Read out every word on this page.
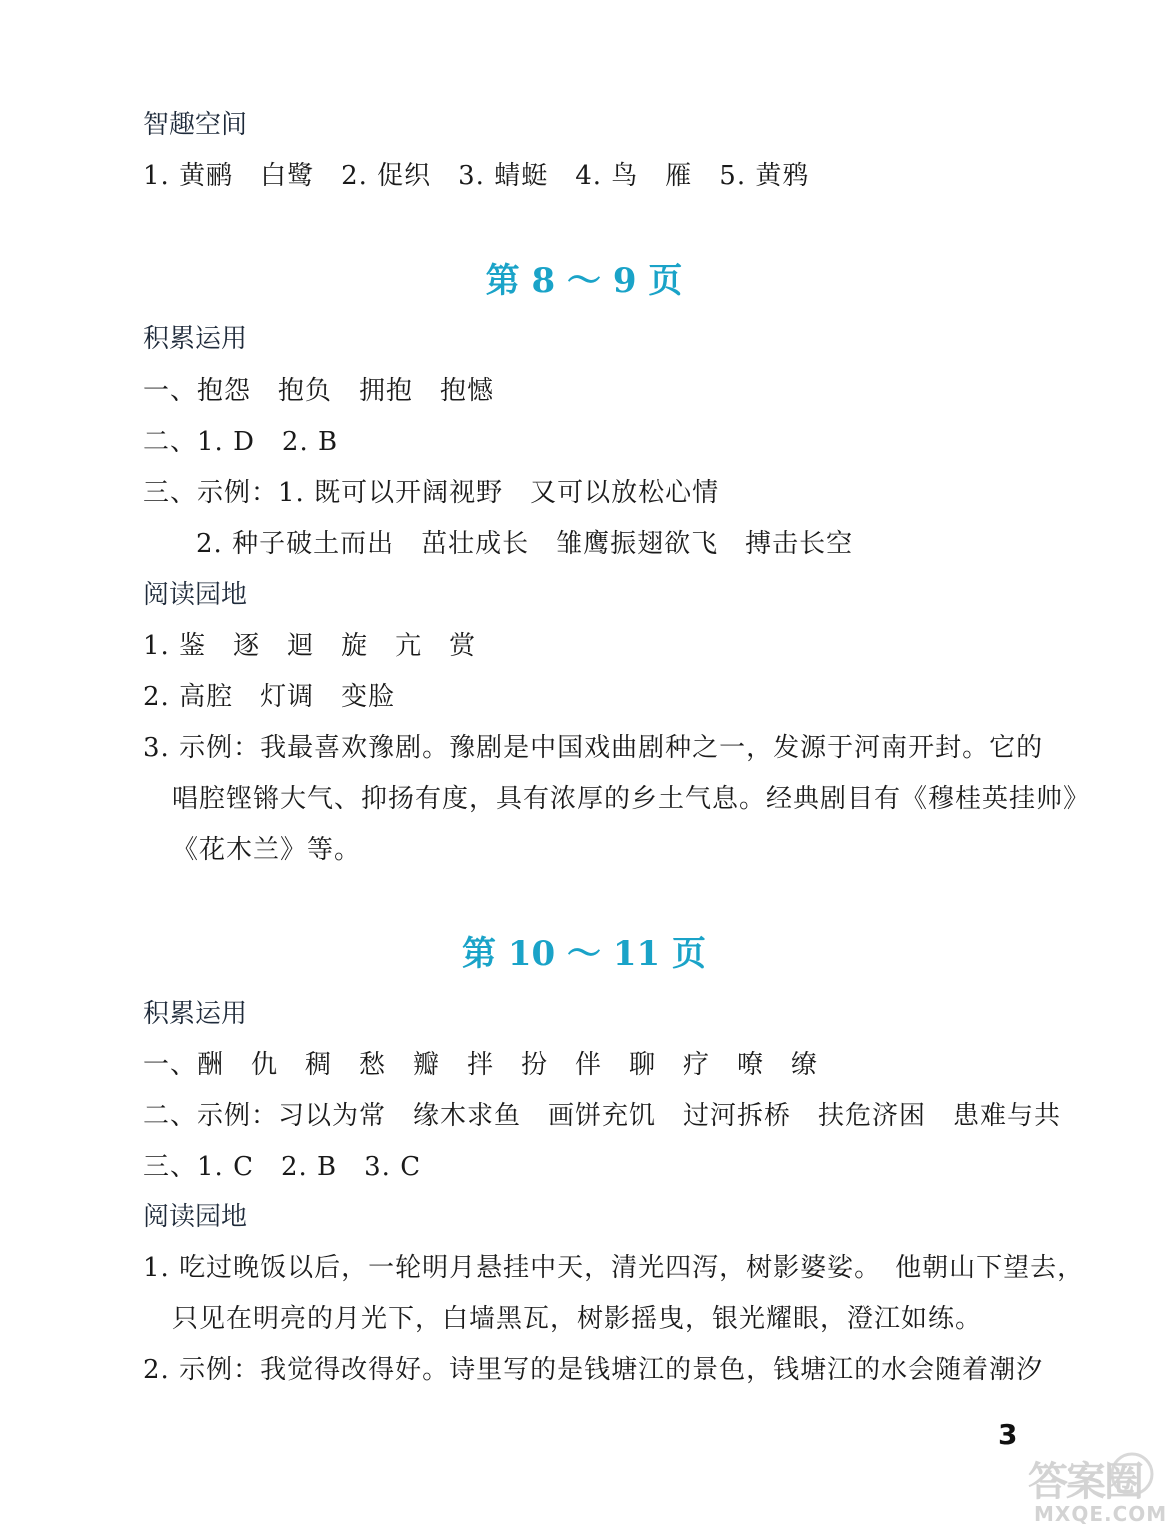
智趣空间
1. 黄鹂　白鹭　2. 促织　3. 蜻蜓　4. 鸟　雁　5. 黄鸦
第 8 ～ 9 页
积累运用
一、抱怨　抱负　拥抱　抱憾
二、1. D　2. B
三、示例：1. 既可以开阔视野　又可以放松心情
2. 种子破土而出　茁壮成长　雏鹰振翅欲飞　搏击长空
阅读园地
1. 鉴　逐　迴　旋　亢　赏
2. 高腔　灯调　变脸
3. 示例：我最喜欢豫剧。豫剧是中国戏曲剧种之一，发源于河南开封。它的
唱腔铿锵大气、抑扬有度，具有浓厚的乡土气息。经典剧目有《穆桂英挂帅》
《花木兰》等。
第 10 ～ 11 页
积累运用
一、酬　仇　稠　愁　瓣　拌　扮　伴　聊　疗　嘹　缭
二、示例：习以为常　缘木求鱼　画饼充饥　过河拆桥　扶危济困　患难与共
三、1. C　2. B　3. C
阅读园地
1. 吃过晚饭以后，一轮明月悬挂中天，清光四泻，树影婆娑。　他朝山下望去，
只见在明亮的月光下，白墙黑瓦，树影摇曳，银光耀眼，澄江如练。
2. 示例：我觉得改得好。诗里写的是钱塘江的景色，钱塘江的水会随着潮汐
3
答案圈
MXQE.COM
